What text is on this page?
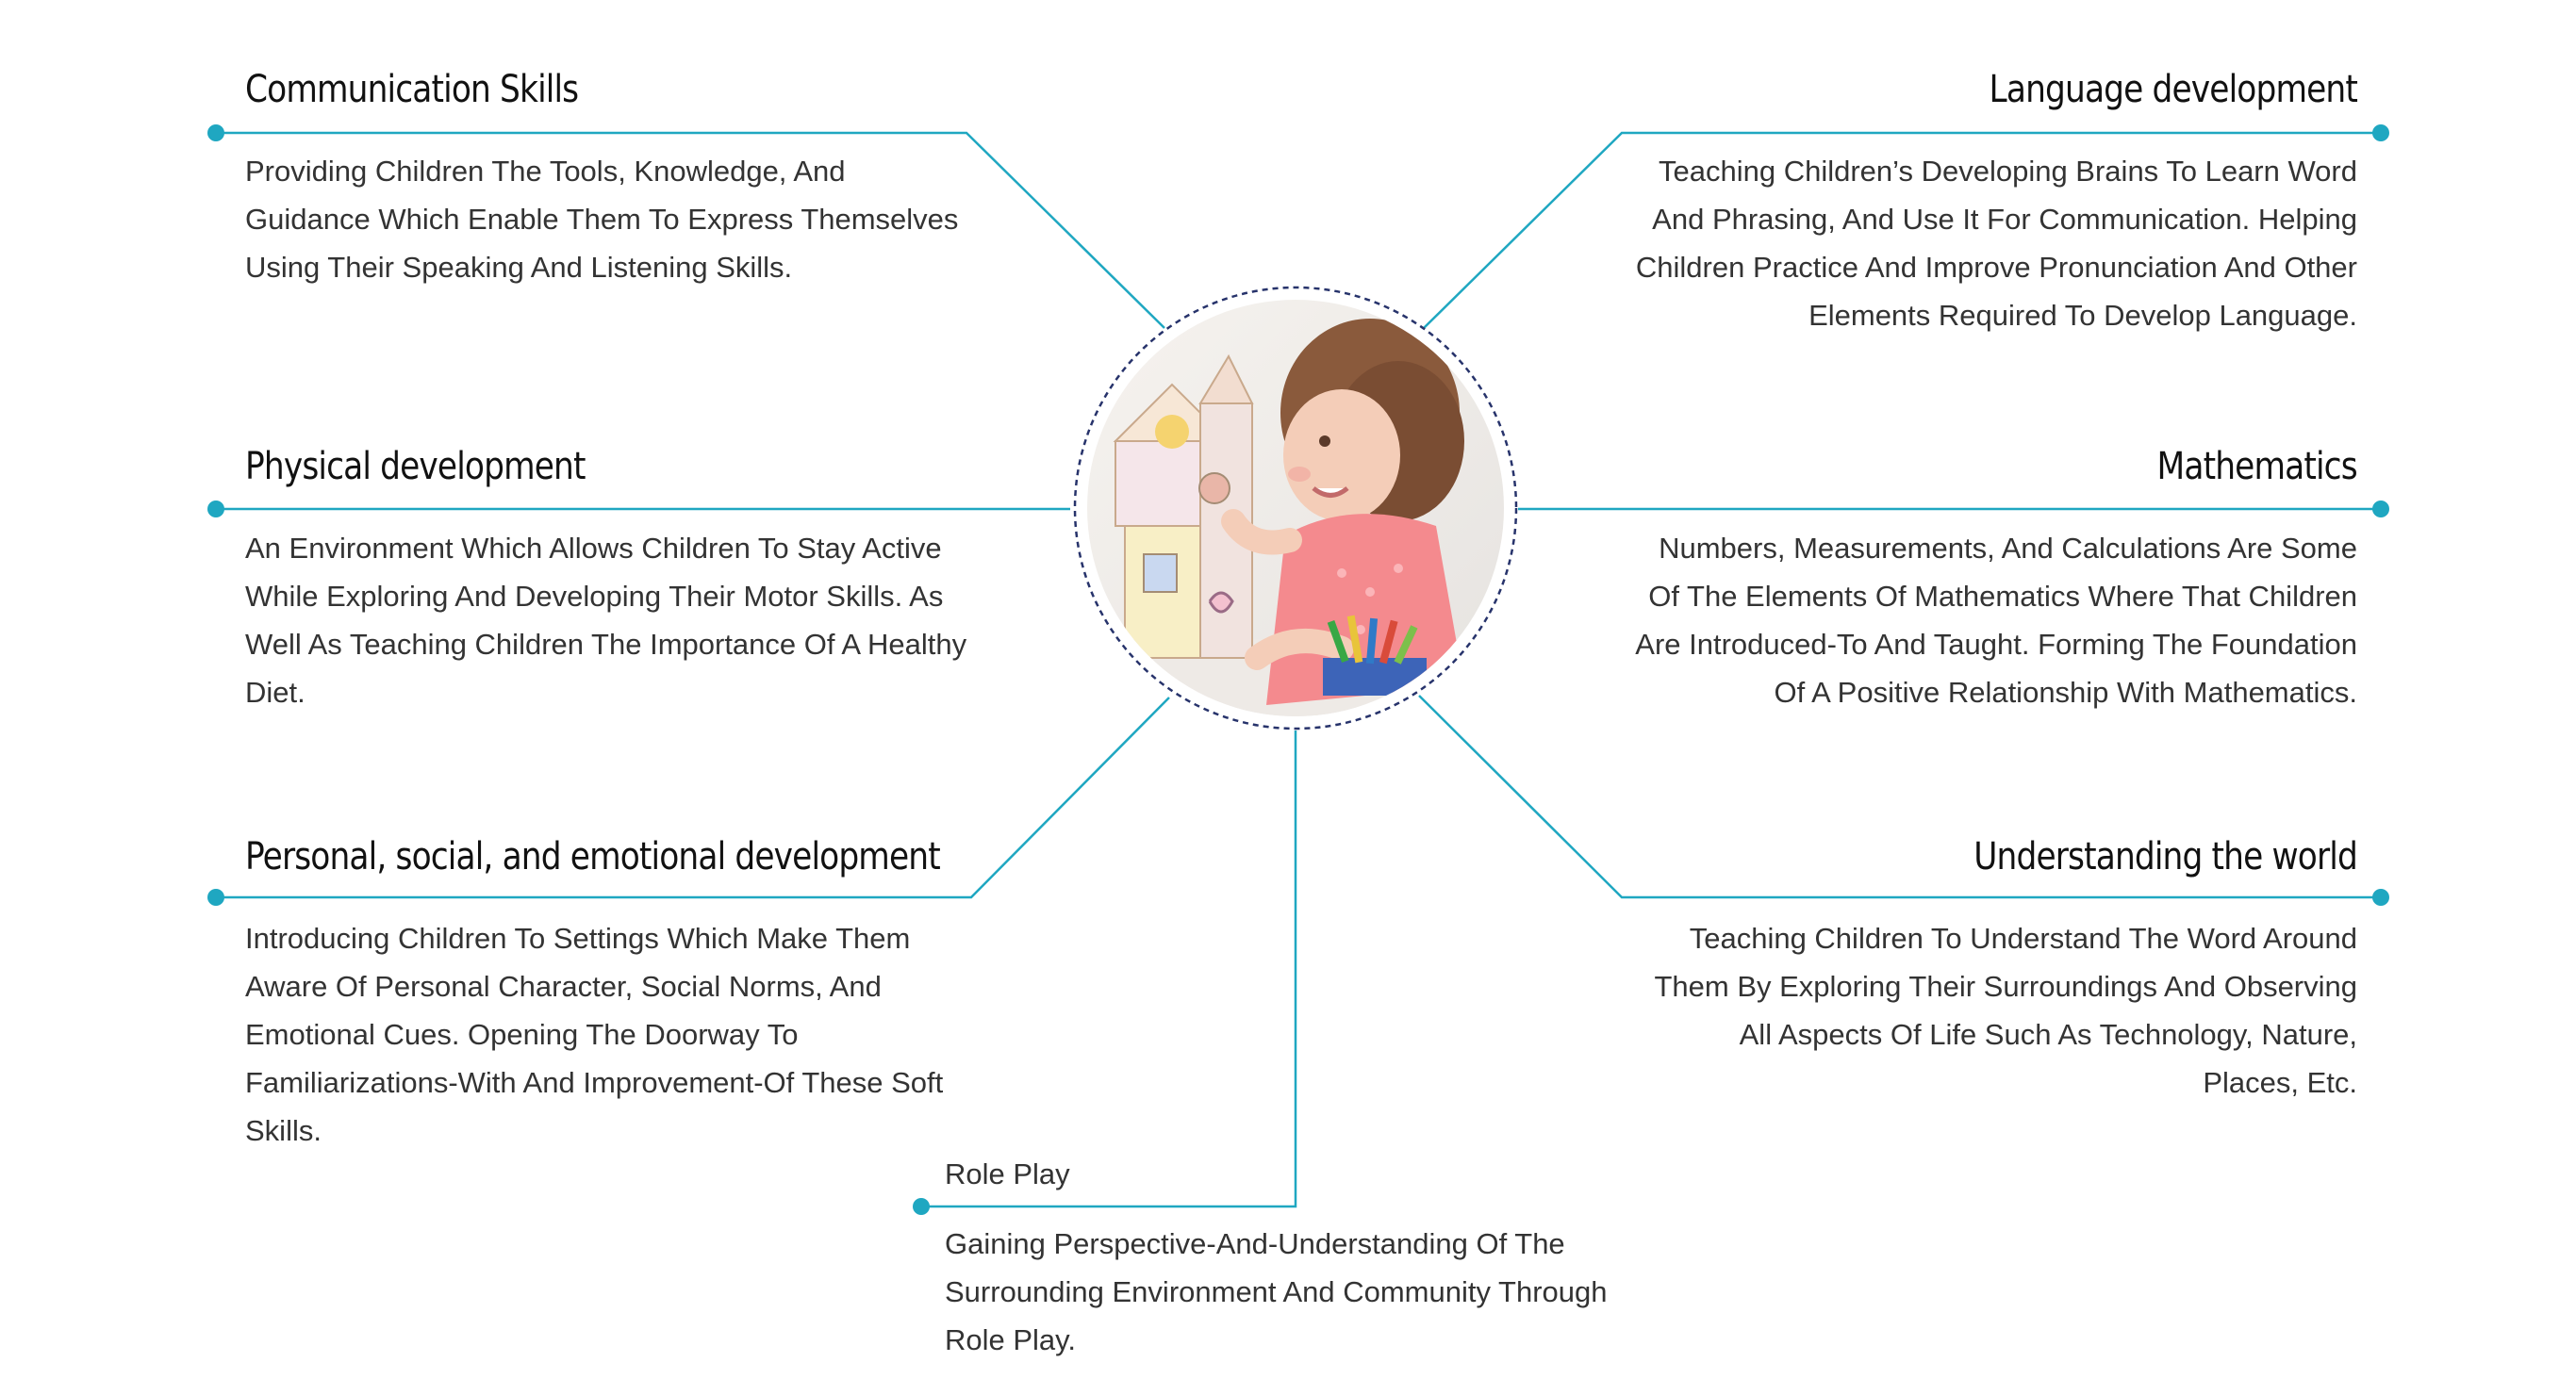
Communication Skills

Providing Children The Tools, Knowledge, And Guidance Which Enable Them To Express Themselves Using Their Speaking And Listening Skills.

Physical development

An Environment Which Allows Children To Stay Active While Exploring And Developing Their Motor Skills. As Well As Teaching Children The Importance Of A Healthy Diet.

Personal, social, and emotional development

Introducing Children To Settings Which Make Them Aware Of Personal Character, Social Norms, And Emotional Cues. Opening The Doorway To Familiarizations-With And Improvement-Of These Soft Skills.

Role Play

Gaining Perspective-And-Understanding Of The Surrounding Environment And Community Through Role Play.

Language development

Teaching Children’s Developing Brains To Learn Word And Phrasing, And Use It For Communication. Helping Children Practice And Improve Pronunciation And Other Elements Required To Develop Language.

Mathematics

Numbers, Measurements, And Calculations Are Some Of The Elements Of Mathematics Where That Children Are Introduced-To And Taught. Forming The Foundation Of A Positive Relationship With Mathematics.

Understanding the world

Teaching Children To Understand The Word Around Them By Exploring Their Surroundings And Observing All Aspects Of Life Such As Technology, Nature, Places, Etc.
